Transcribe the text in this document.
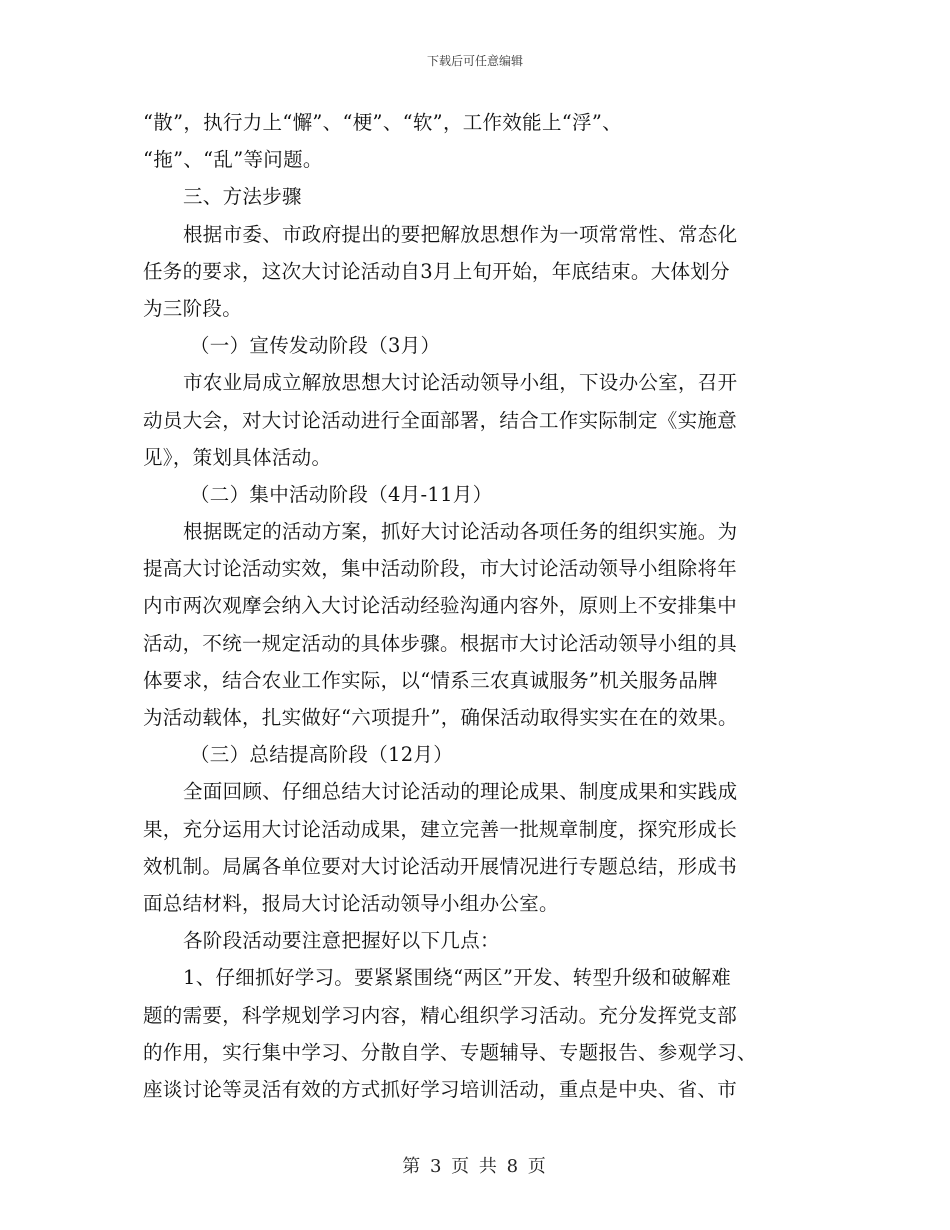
下载后可任意编辑
“散”，执行力上“懈”、“梗”、“软”，工作效能上“浮”、
“拖”、“乱”等问题。
三、方法步骤
根据市委、市政府提出的要把解放思想作为一项常常性、常态化
任务的要求，这次大讨论活动自3月上旬开始，年底结束。大体划分
为三阶段。
（一）宣传发动阶段（3月）
市农业局成立解放思想大讨论活动领导小组，下设办公室，召开
动员大会，对大讨论活动进行全面部署，结合工作实际制定《实施意
见》，策划具体活动。
（二）集中活动阶段（4月-11月）
根据既定的活动方案，抓好大讨论活动各项任务的组织实施。为
提高大讨论活动实效，集中活动阶段，市大讨论活动领导小组除将年
内市两次观摩会纳入大讨论活动经验沟通内容外，原则上不安排集中
活动，不统一规定活动的具体步骤。根据市大讨论活动领导小组的具
体要求，结合农业工作实际，以“情系三农真诚服务”机关服务品牌
为活动载体，扎实做好“六项提升”，确保活动取得实实在在的效果。
（三）总结提高阶段（12月）
全面回顾、仔细总结大讨论活动的理论成果、制度成果和实践成
果，充分运用大讨论活动成果，建立完善一批规章制度，探究形成长
效机制。局属各单位要对大讨论活动开展情况进行专题总结，形成书
面总结材料，报局大讨论活动领导小组办公室。
各阶段活动要注意把握好以下几点：
1、仔细抓好学习。要紧紧围绕“两区”开发、转型升级和破解难
题的需要，科学规划学习内容，精心组织学习活动。充分发挥党支部
的作用，实行集中学习、分散自学、专题辅导、专题报告、参观学习、
座谈讨论等灵活有效的方式抓好学习培训活动，重点是中央、省、市
第 3 页 共 8 页
